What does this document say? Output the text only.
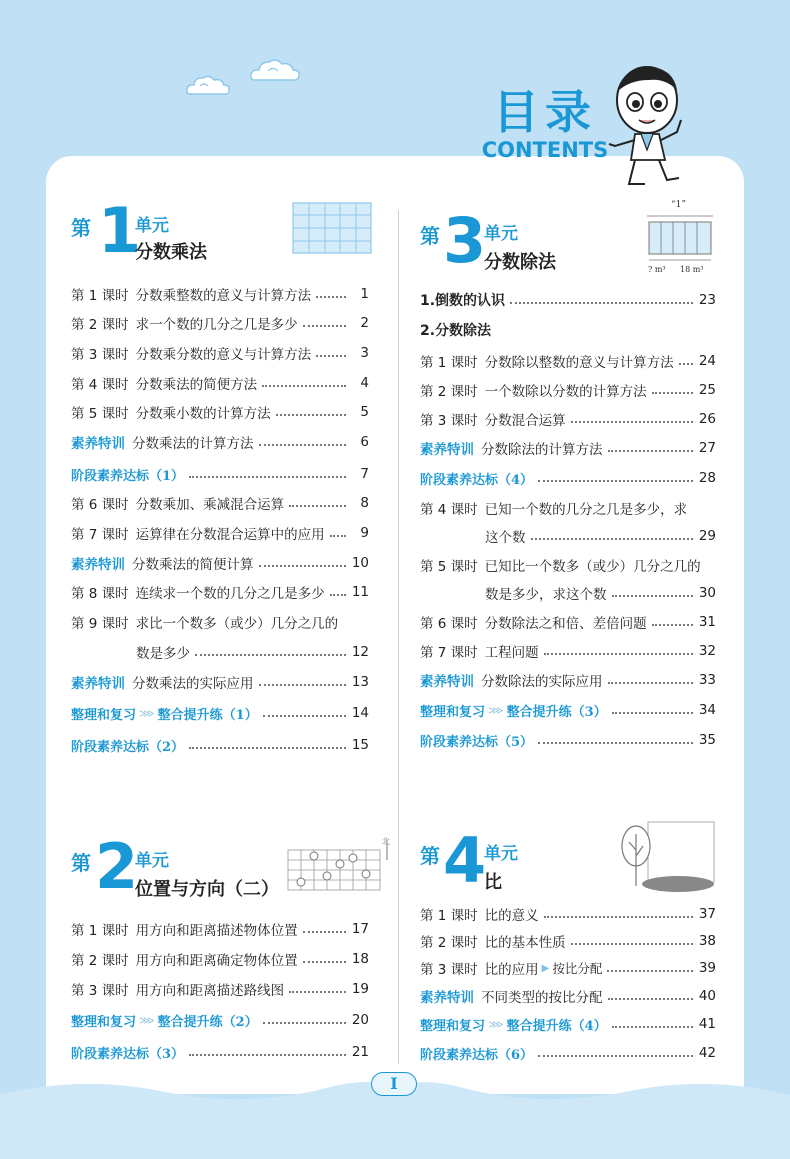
目录
CONTENTS
I
第 1
单元
分数乘法
第 1 课时 分数乘整数的意义与计算方法	1
第 2 课时 求一个数的几分之几是多少	2
第 3 课时 分数乘分数的意义与计算方法	3
第 4 课时 分数乘法的简便方法	4
第 5 课时 分数乘小数的计算方法	5
素养特训 分数乘法的计算方法	6
阶段素养达标（1）	7
第 6 课时 分数乘加、乘减混合运算	8
第 7 课时 运算律在分数混合运算中的应用	9
素养特训 分数乘法的简便计算	10
第 8 课时 连续求一个数的几分之几是多少 11
第 9 课时 求比一个数多（或少）几分之几的
数是多少	12
素养特训 分数乘法的实际应用	13
整理和复习 ⋙ 整合提升练（1）	14
阶段素养达标（2）	15
第 2
单元
位置与方向（二）
北
第 1 课时 用方向和距离描述物体位置	17
第 2 课时 用方向和距离确定物体位置	18
第 3 课时 用方向和距离描述路线图	19
整理和复习 ⋙ 整合提升练（2）	20
阶段素养达标（3）	21
第 3
单元
分数除法
“1”
? m³ 18 m³
1.倒数的认识	23
2.分数除法
第 1 课时 分数除以整数的意义与计算方法 24
第 2 课时 一个数除以分数的计算方法	25
第 3 课时 分数混合运算	26
素养特训 分数除法的计算方法	27
阶段素养达标（4）	28
第 4 课时 已知一个数的几分之几是多少，求
这个数	29
第 5 课时 已知比一个数多（或少）几分之几的
数是多少，求这个数	30
第 6 课时 分数除法之和倍、差倍问题	31
第 7 课时 工程问题	32
素养特训 分数除法的实际应用	33
整理和复习 ⋙ 整合提升练（3）	34
阶段素养达标（5）	35
第 4
单元
比
第 1 课时 比的意义	37
第 2 课时 比的基本性质	38
第 3 课时 比的应用 ▶ 按比分配	39
素养特训 不同类型的按比分配	40
整理和复习 ⋙ 整合提升练（4）	41
阶段素养达标（6）	42
